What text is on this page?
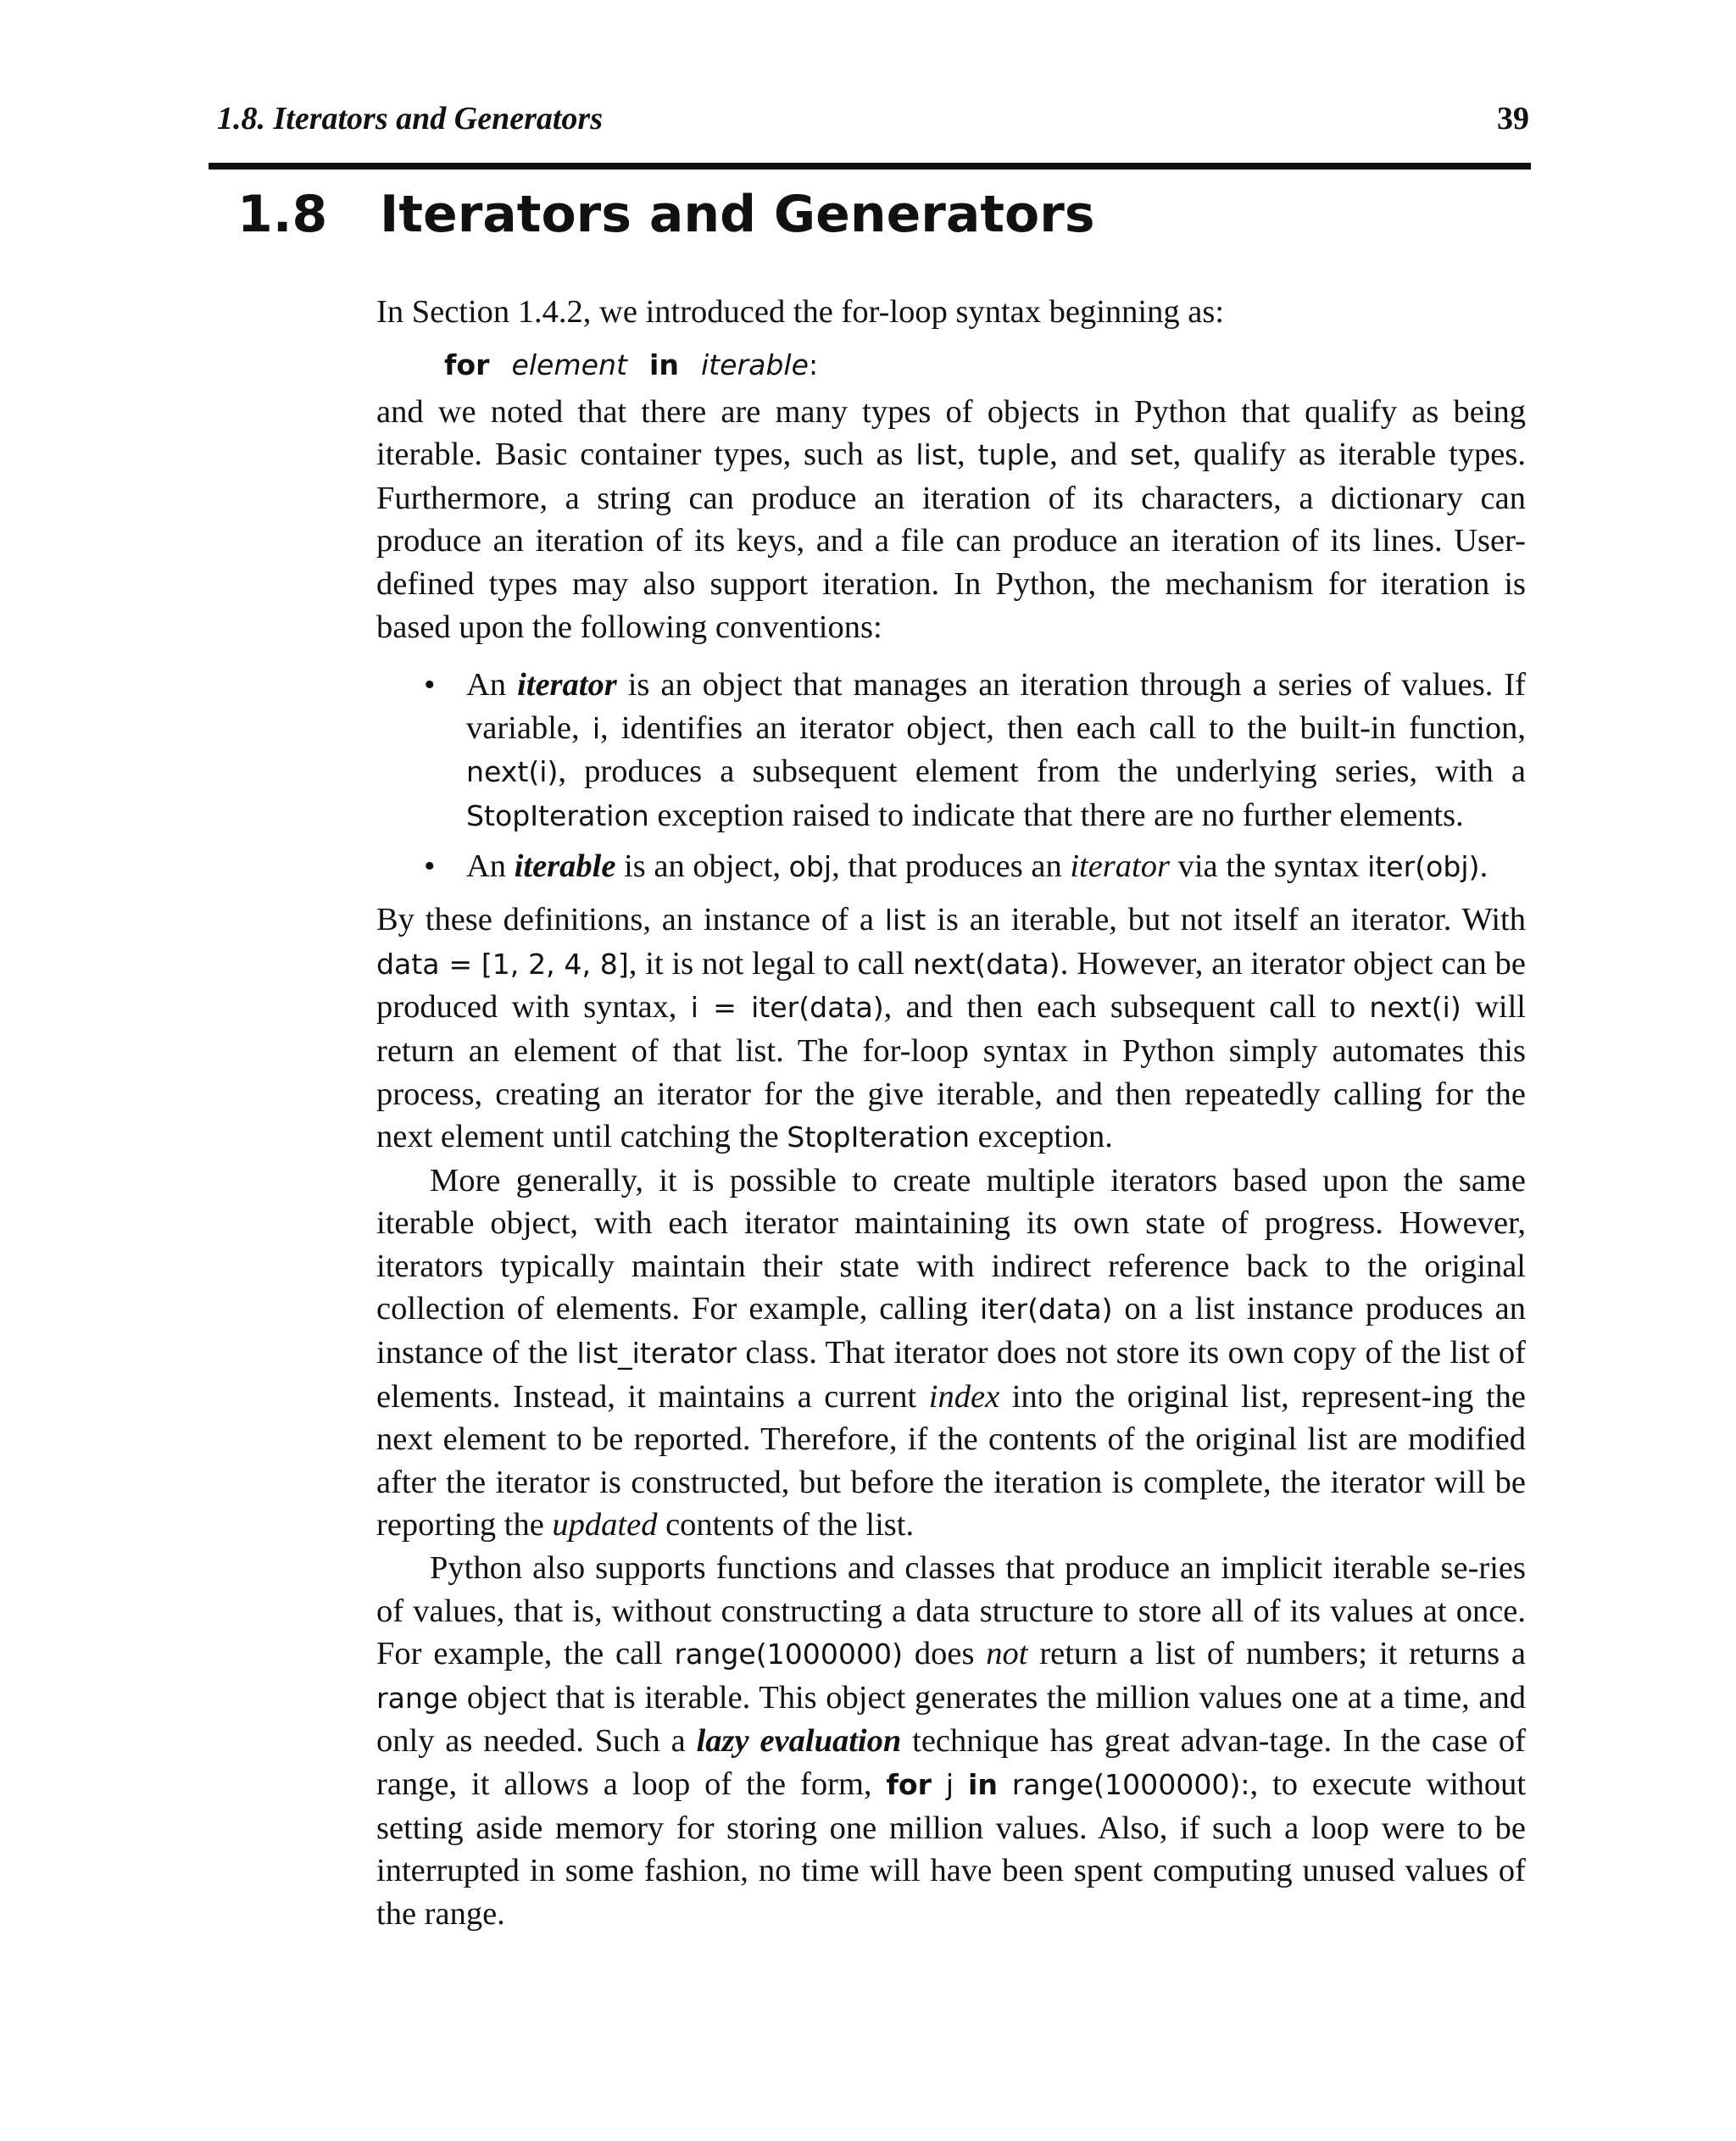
1.8. Iterators and Generators	39
1.8 Iterators and Generators

In Section 1.4.2, we introduced the for-loop syntax beginning as:

for element in iterable:

and we noted that there are many types of objects in Python that qualify as being iterable. Basic container types, such as list, tuple, and set, qualify as iterable types. Furthermore, a string can produce an iteration of its characters, a dictionary can produce an iteration of its keys, and a file can produce an iteration of its lines. User-defined types may also support iteration. In Python, the mechanism for iteration is based upon the following conventions:

• An iterator is an object that manages an iteration through a series of values. If variable, i, identifies an iterator object, then each call to the built-in function, next(i), produces a subsequent element from the underlying series, with a StopIteration exception raised to indicate that there are no further elements.
• An iterable is an object, obj, that produces an iterator via the syntax iter(obj).

By these definitions, an instance of a list is an iterable, but not itself an iterator. With data = [1, 2, 4, 8], it is not legal to call next(data). However, an iterator object can be produced with syntax, i = iter(data), and then each subsequent call to next(i) will return an element of that list. The for-loop syntax in Python simply automates this process, creating an iterator for the give iterable, and then repeatedly calling for the next element until catching the StopIteration exception.

More generally, it is possible to create multiple iterators based upon the same iterable object, with each iterator maintaining its own state of progress. However, iterators typically maintain their state with indirect reference back to the original collection of elements. For example, calling iter(data) on a list instance produces an instance of the list_iterator class. That iterator does not store its own copy of the list of elements. Instead, it maintains a current index into the original list, represent-ing the next element to be reported. Therefore, if the contents of the original list are modified after the iterator is constructed, but before the iteration is complete, the iterator will be reporting the updated contents of the list.

Python also supports functions and classes that produce an implicit iterable se-ries of values, that is, without constructing a data structure to store all of its values at once. For example, the call range(1000000) does not return a list of numbers; it returns a range object that is iterable. This object generates the million values one at a time, and only as needed. Such a lazy evaluation technique has great advan-tage. In the case of range, it allows a loop of the form, for j in range(1000000):, to execute without setting aside memory for storing one million values. Also, if such a loop were to be interrupted in some fashion, no time will have been spent computing unused values of the range.
